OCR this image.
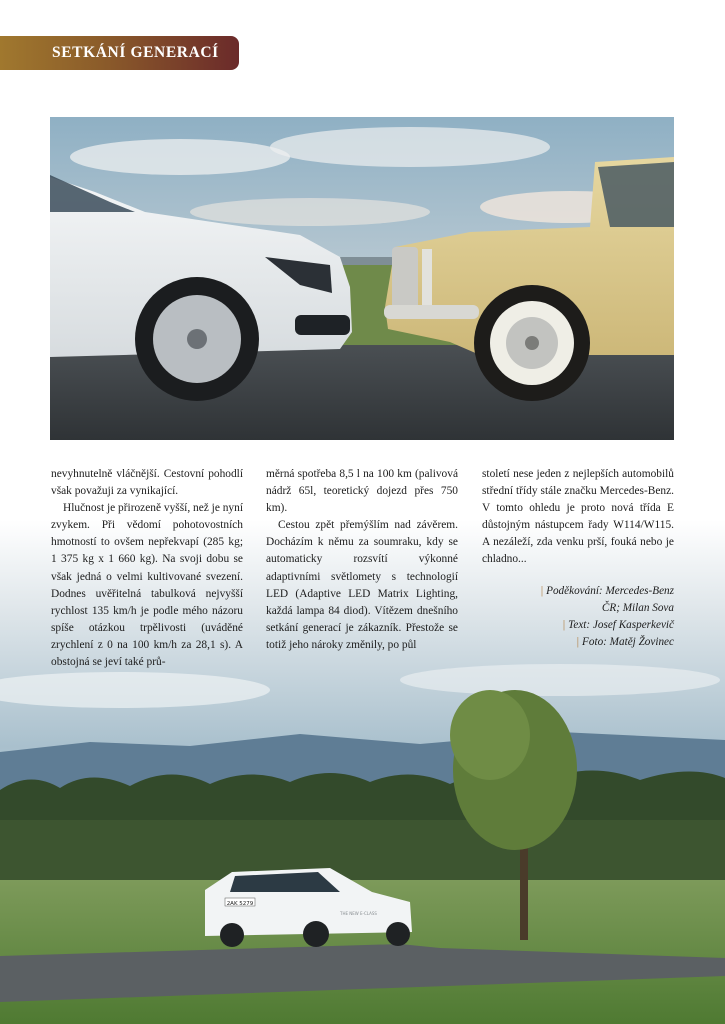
SETKÁNÍ GENERACÍ
2AK 5279
THE NEW E-CLASS

nevyhnutelně vláčnější. Cestovní pohodlí však považuji za vynikající.

Hlučnost je přirozeně vyšší, než je nyní zvykem. Při vědomí pohotovostních hmotností to ovšem nepřekvapí (285 kg; 1 375 kg x 1 660 kg). Na svoji dobu se však jedná o velmi kultivované svezení. Dodnes uvěřitelná tabulková nejvyšší rychlost 135 km/h je podle mého názoru spíše otázkou trpělivosti (uváděné zrychlení z 0 na 100 km/h za 28,1 s). A obstojná se jeví také prů-

měrná spotřeba 8,5 l na 100 km (palivová nádrž 65l, teoretický dojezd přes 750 km).

Cestou zpět přemýšlím nad závěrem. Docházím k němu za soumraku, kdy se automaticky rozsvítí výkonné adaptivními světlomety s technologií LED (Adaptive LED Matrix Lighting, každá lampa 84 diod). Vítězem dnešního setkání generací je zákazník. Přestože se totiž jeho nároky změnily, po půl

století nese jeden z nejlepších automobilů střední třídy stále značku Mercedes-Benz. V tomto ohledu je proto nová třída E důstojným nástupcem řady W114/W115. A nezáleží, zda venku prší, fouká nebo je chladno...

| Poděkování: Mercedes-Benz
ČR; Milan Sova
| Text: Josef Kasperkevič
| Foto: Matěj Žovinec
